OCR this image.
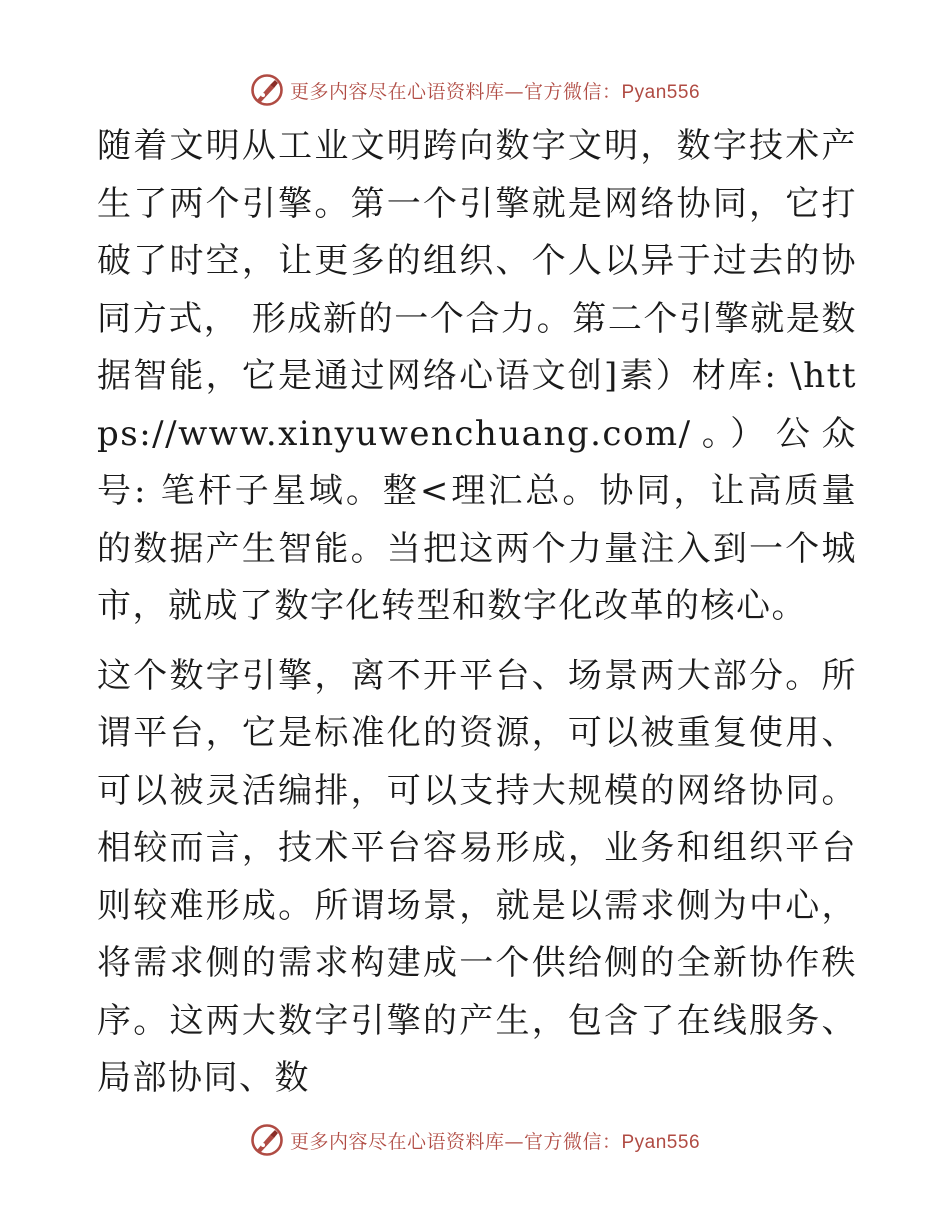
更多内容尽在心语资料库—官方微信：Pyan556

随着文明从工业文明跨向数字文明，数字技术产生了两个引擎。第一个引擎就是网络协同，它打破了时空，让更多的组织、个人以异于过去的协同方式， 形成新的一个合力。第二个引擎就是数据智能，它是通过网络心语文创]素）材库: \https://www.xinyuwenchuang.com/。）公众号: 笔杆子星域。整<理汇总。协同，让高质量的数据产生智能。当把这两个力量注入到一个城市，就成了数字化转型和数字化改革的核心。

这个数字引擎，离不开平台、场景两大部分。所谓平台，它是标准化的资源，可以被重复使用、可以被灵活编排，可以支持大规模的网络协同。相较而言，技术平台容易形成，业务和组织平台则较难形成。所谓场景，就是以需求侧为中心，将需求侧的需求构建成一个供给侧的全新协作秩序。这两大数字引擎的产生，包含了在线服务、局部协同、数

更多内容尽在心语资料库—官方微信：Pyan556
